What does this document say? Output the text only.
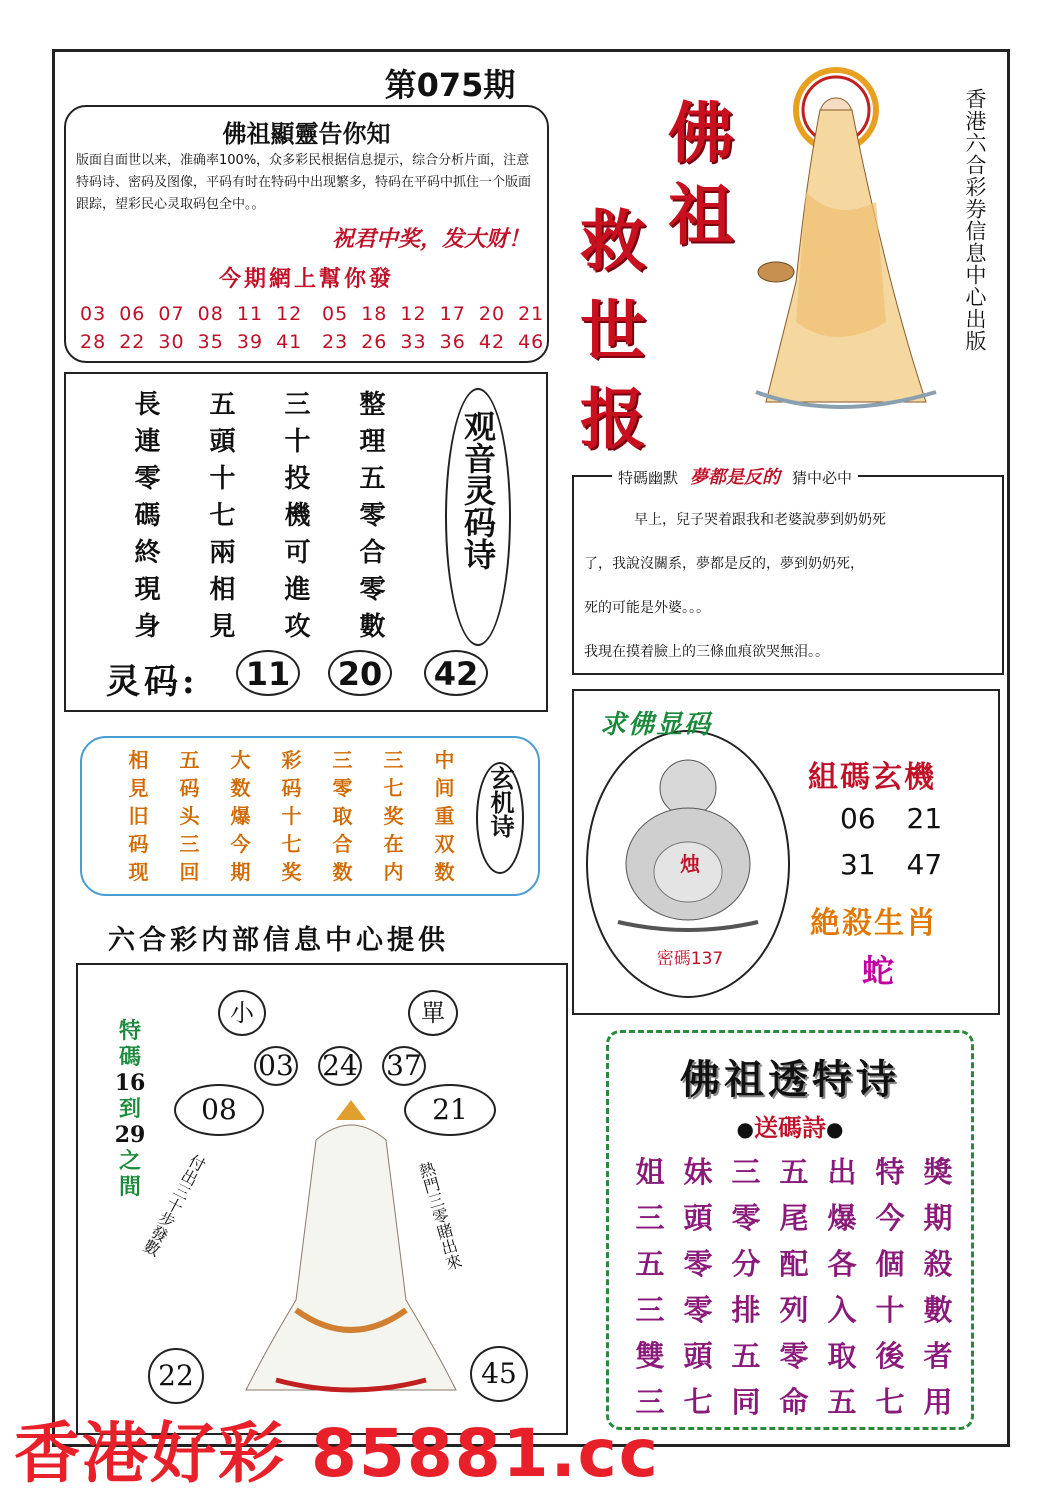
第075期
佛祖顯靈告你知
版面自面世以来，准确率100%，众多彩民根据信息提示，综合分析片面，注意特码诗、密码及图像，平码有时在特码中出现繁多，特码在平码中抓住一个版面跟踪，望彩民心灵取码包全中。。
祝君中奖，发大财！
今期網上幫你發
03 06 07 08 11 12 05 18 12 17 20 21
28 22 30 35 39 41 23 26 33 36 42 46
佛
祖
救
世
报
香港六合彩券信息中心出版
長	五	三	整
連	頭	十	理
零	十	投	五
碼	七	機	零
終	兩	可	合
現	相	進	零
身	見	攻	數
观音灵码诗
灵码:	11	20	42
相	五	大	彩	三	三	中
見	码	数	码	零	七	间
旧	头	爆	十	取	奖	重
码	三	今	七	合	在	双
现	回	期	奖	数	内	数
玄机诗
六合彩内部信息中心提供
小	單
03 24 37
08	21
22	45
特
碼
16
到
29
之
間
付出三十步發數	熱門三零賭出來
特碼幽默 夢都是反的 猜中必中
早上，兒子哭着跟我和老婆說夢到奶奶死
了，我說沒關系，夢都是反的，夢到奶奶死，
死的可能是外婆。。。
我現在摸着臉上的三條血痕欲哭無泪。。
求佛显码
烛
密碼137
組碼玄機
06 21
31 47
絶殺生肖
蛇
佛祖透特诗
●送碼詩●
姐 妹 三 五 出 特 獎
三 頭 零 尾 爆 今 期
五 零 分 配 各 個 殺
三 零 排 列 入 十 數
雙 頭 五 零 取 後 者
三 七 同 命 五 七 用
香港好彩 85881.cc
